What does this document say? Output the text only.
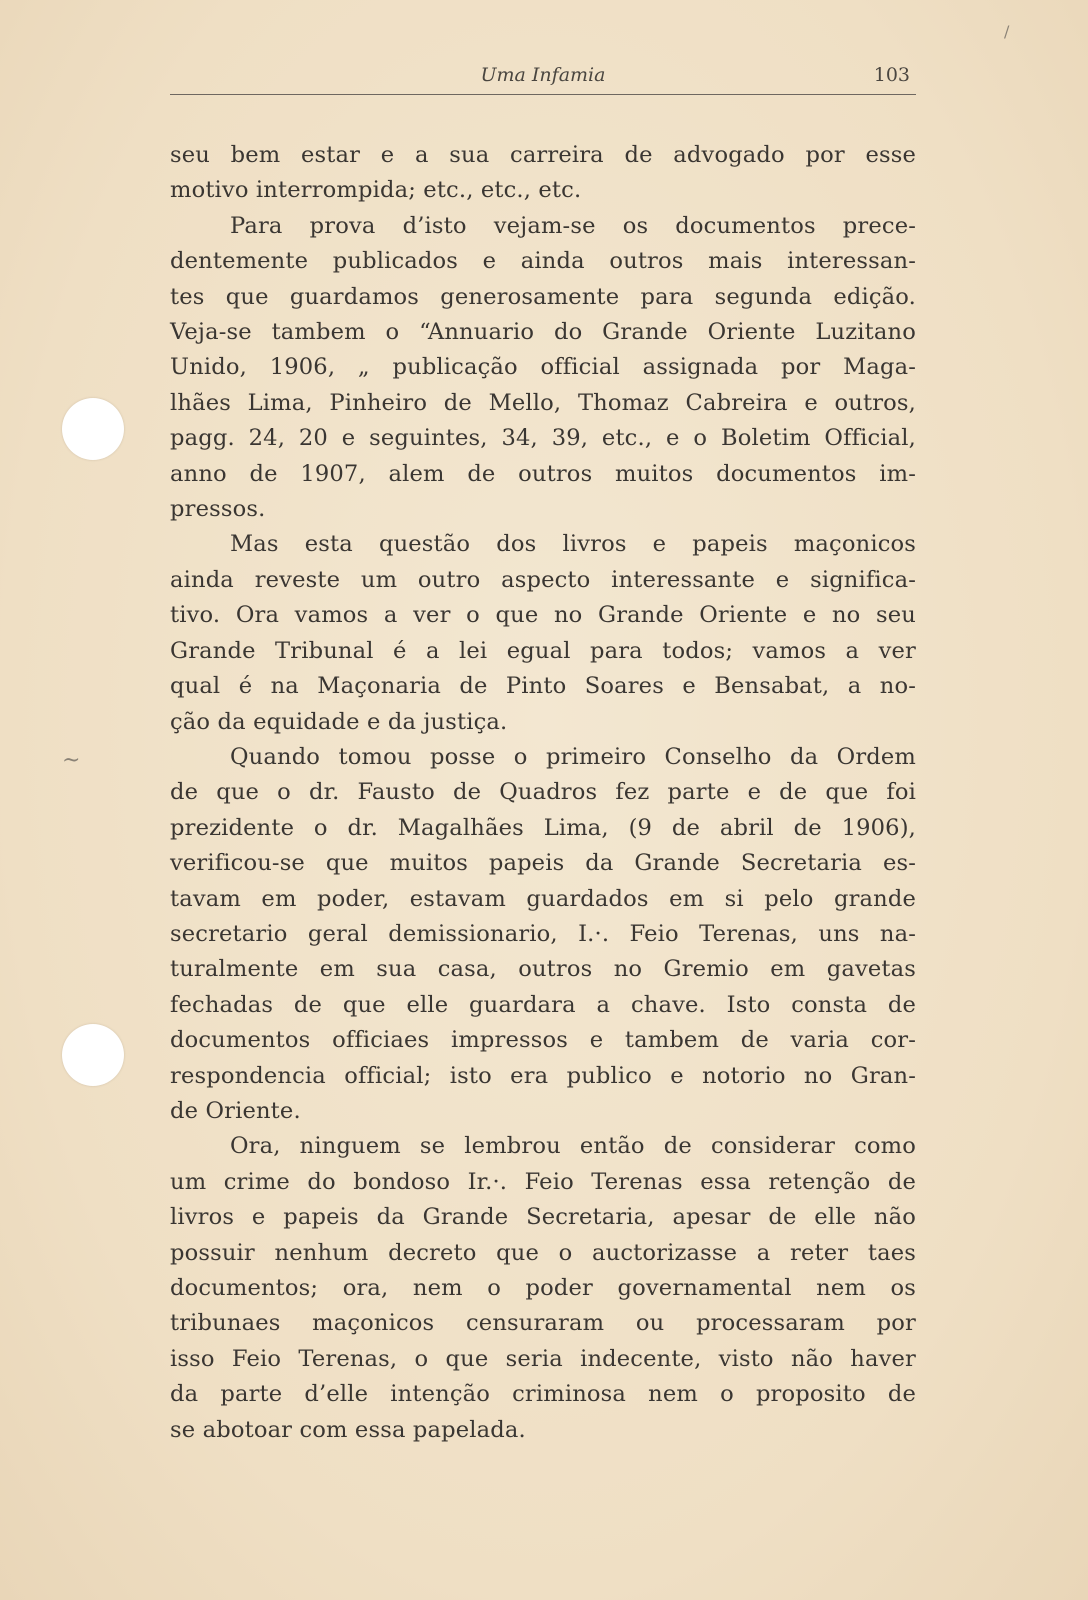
~
/
Uma Infamia	103
seu bem estar e a sua carreira de advogado por esse
motivo interrompida; etc., etc., etc.
Para prova d’isto vejam-se os documentos prece-
dentemente publicados e ainda outros mais interessan-
tes que guardamos generosamente para segunda edição.
Veja-se tambem o “Annuario do Grande Oriente Luzitano
Unido, 1906, „ publicação official assignada por Maga-
lhães Lima, Pinheiro de Mello, Thomaz Cabreira e outros,
pagg. 24, 20 e seguintes, 34, 39, etc., e o Boletim Official,
anno de 1907, alem de outros muitos documentos im-
pressos.
Mas esta questão dos livros e papeis maçonicos
ainda reveste um outro aspecto interessante e significa-
tivo. Ora vamos a ver o que no Grande Oriente e no seu
Grande Tribunal é a lei egual para todos; vamos a ver
qual é na Maçonaria de Pinto Soares e Bensabat, a no-
ção da equidade e da justiça.
Quando tomou posse o primeiro Conselho da Ordem
de que o dr. Fausto de Quadros fez parte e de que foi
prezidente o dr. Magalhães Lima, (9 de abril de 1906),
verificou-se que muitos papeis da Grande Secretaria es-
tavam em poder, estavam guardados em si pelo grande
secretario geral demissionario, I.·. Feio Terenas, uns na-
turalmente em sua casa, outros no Gremio em gavetas
fechadas de que elle guardara a chave. Isto consta de
documentos officiaes impressos e tambem de varia cor-
respondencia official; isto era publico e notorio no Gran-
de Oriente.
Ora, ninguem se lembrou então de considerar como
um crime do bondoso Ir.·. Feio Terenas essa retenção de
livros e papeis da Grande Secretaria, apesar de elle não
possuir nenhum decreto que o auctorizasse a reter taes
documentos; ora, nem o poder governamental nem os
tribunaes maçonicos censuraram ou processaram por
isso Feio Terenas, o que seria indecente, visto não haver
da parte d’elle intenção criminosa nem o proposito de
se abotoar com essa papelada.
